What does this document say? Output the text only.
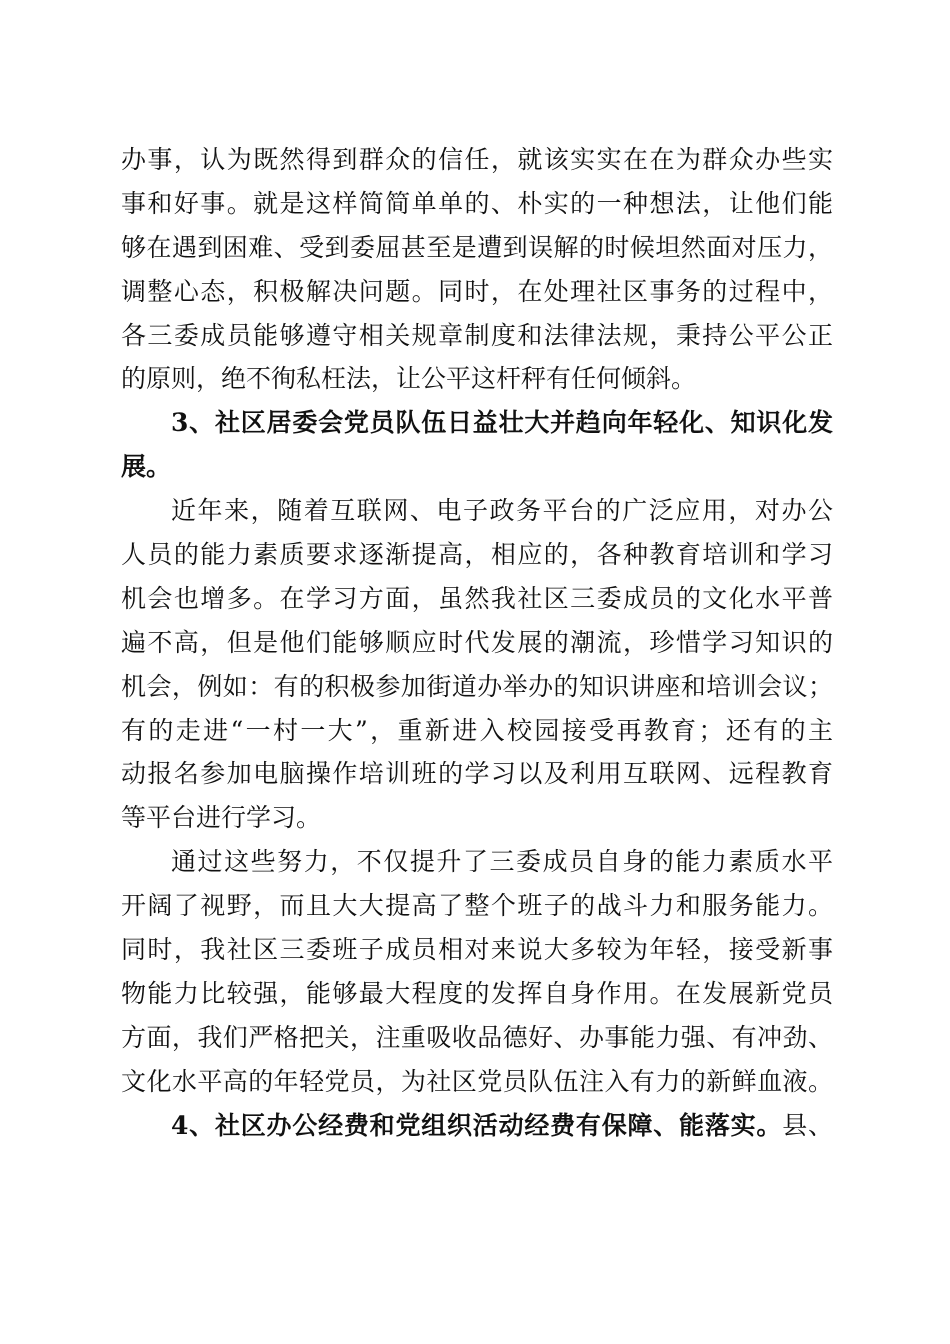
办事，认为既然得到群众的信任，就该实实在在为群众办些实
事和好事。就是这样简简单单的、朴实的一种想法，让他们能
够在遇到困难、受到委屈甚至是遭到误解的时候坦然面对压力，
调整心态，积极解决问题。同时，在处理社区事务的过程中，
各三委成员能够遵守相关规章制度和法律法规，秉持公平公正
的原则，绝不徇私枉法，让公平这杆秤有任何倾斜。
3、社区居委会党员队伍日益壮大并趋向年轻化、知识化发
展。
近年来，随着互联网、电子政务平台的广泛应用，对办公
人员的能力素质要求逐渐提高，相应的，各种教育培训和学习
机会也增多。在学习方面，虽然我社区三委成员的文化水平普
遍不高，但是他们能够顺应时代发展的潮流，珍惜学习知识的
机会，例如：有的积极参加街道办举办的知识讲座和培训会议；
有的走进“一村一大”，重新进入校园接受再教育；还有的主
动报名参加电脑操作培训班的学习以及利用互联网、远程教育
等平台进行学习。
通过这些努力，不仅提升了三委成员自身的能力素质水平
开阔了视野，而且大大提高了整个班子的战斗力和服务能力。
同时，我社区三委班子成员相对来说大多较为年轻，接受新事
物能力比较强，能够最大程度的发挥自身作用。在发展新党员
方面，我们严格把关，注重吸收品德好、办事能力强、有冲劲、
文化水平高的年轻党员，为社区党员队伍注入有力的新鲜血液。
4、社区办公经费和党组织活动经费有保障、能落实。县、
